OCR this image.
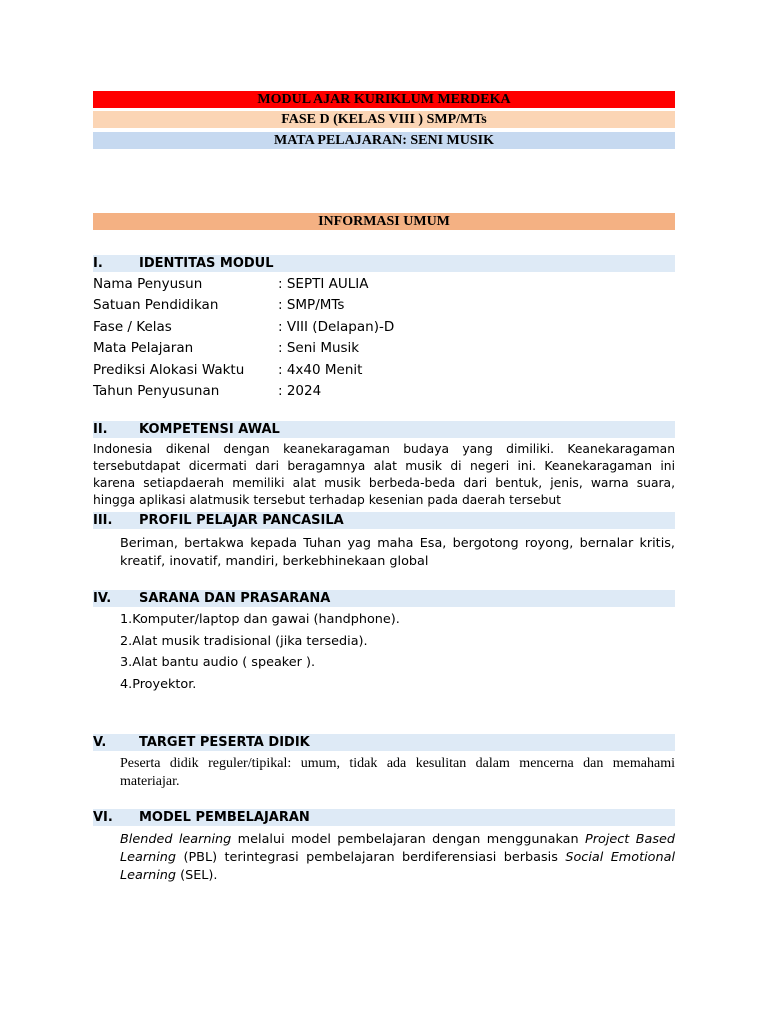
MODUL AJAR KURIKLUM MERDEKA
FASE D (KELAS VIII ) SMP/MTs
MATA PELAJARAN: SENI MUSIK
INFORMASI UMUM
I.	IDENTITAS MODUL
Nama Penyusun	: SEPTI AULIA
Satuan Pendidikan	: SMP/MTs
Fase / Kelas	: VIII (Delapan)-D
Mata Pelajaran	: Seni Musik
Prediksi Alokasi Waktu : 4x40 Menit
Tahun Penyusunan	: 2024
II. KOMPETENSI AWAL
Indonesia dikenal dengan keanekaragaman budaya yang dimiliki. Keanekaragaman tersebutdapat dicermati dari beragamnya alat musik di negeri ini. Keanekaragaman ini karena setiapdaerah memiliki alat musik berbeda-beda dari bentuk, jenis, warna suara, hingga aplikasi alatmusik tersebut terhadap kesenian pada daerah tersebut
III. PROFIL PELAJAR PANCASILA
Beriman, bertakwa kepada Tuhan yag maha Esa, bergotong royong, bernalar kritis, kreatif, inovatif, mandiri, berkebhinekaan global
IV. SARANA DAN PRASARANA
1.Komputer/laptop dan gawai (handphone).
2.Alat musik tradisional (jika tersedia).
3.Alat bantu audio ( speaker ).
4.Proyektor.
V.	TARGET PESERTA DIDIK
Peserta didik reguler/tipikal: umum, tidak ada kesulitan dalam mencerna dan memahami materiajar.
VI. MODEL PEMBELAJARAN
Blended learning melalui model pembelajaran dengan menggunakan Project Based Learning (PBL) terintegrasi pembelajaran berdiferensiasi berbasis Social Emotional Learning (SEL).
